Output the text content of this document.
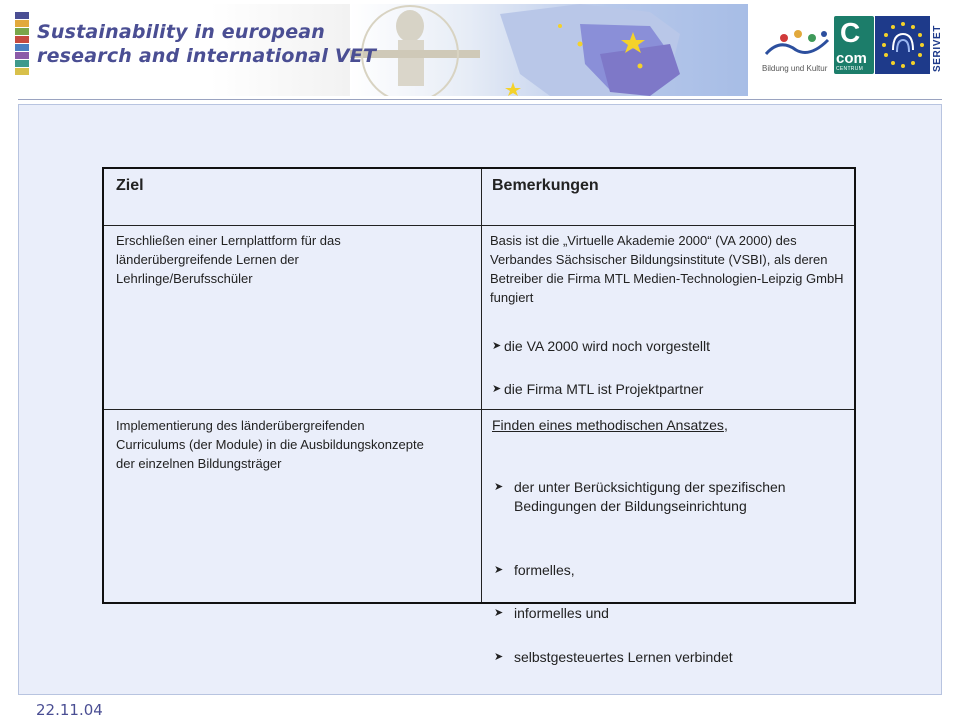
Sustainability in european
research and international VET
Bildung und Kultur
C
com
CENTRUM	SERIVET
Ziel	Bemerkungen
Erschließen einer Lernplattform für das länderübergreifende Lernen der Lehrlinge/Berufsschüler
Basis ist die „Virtuelle Akademie 2000“ (VA 2000) des Verbandes Sächsischer Bildungsinstitute (VSBI), als deren Betreiber die Firma MTL Medien-Technologien-Leipzig GmbH fungiert
➤ die VA 2000 wird noch vorgestellt
➤ die Firma MTL ist Projektpartner
Implementierung des länderübergreifenden Curriculums (der Module) in die Ausbildungskonzepte der einzelnen Bildungsträger
Finden eines methodischen Ansatzes,
➤ der unter Berücksichtigung der spezifischen Bedingungen der Bildungseinrichtung
➤ formelles,
➤ informelles und
➤ selbstgesteuertes Lernen verbindet
22.11.04
